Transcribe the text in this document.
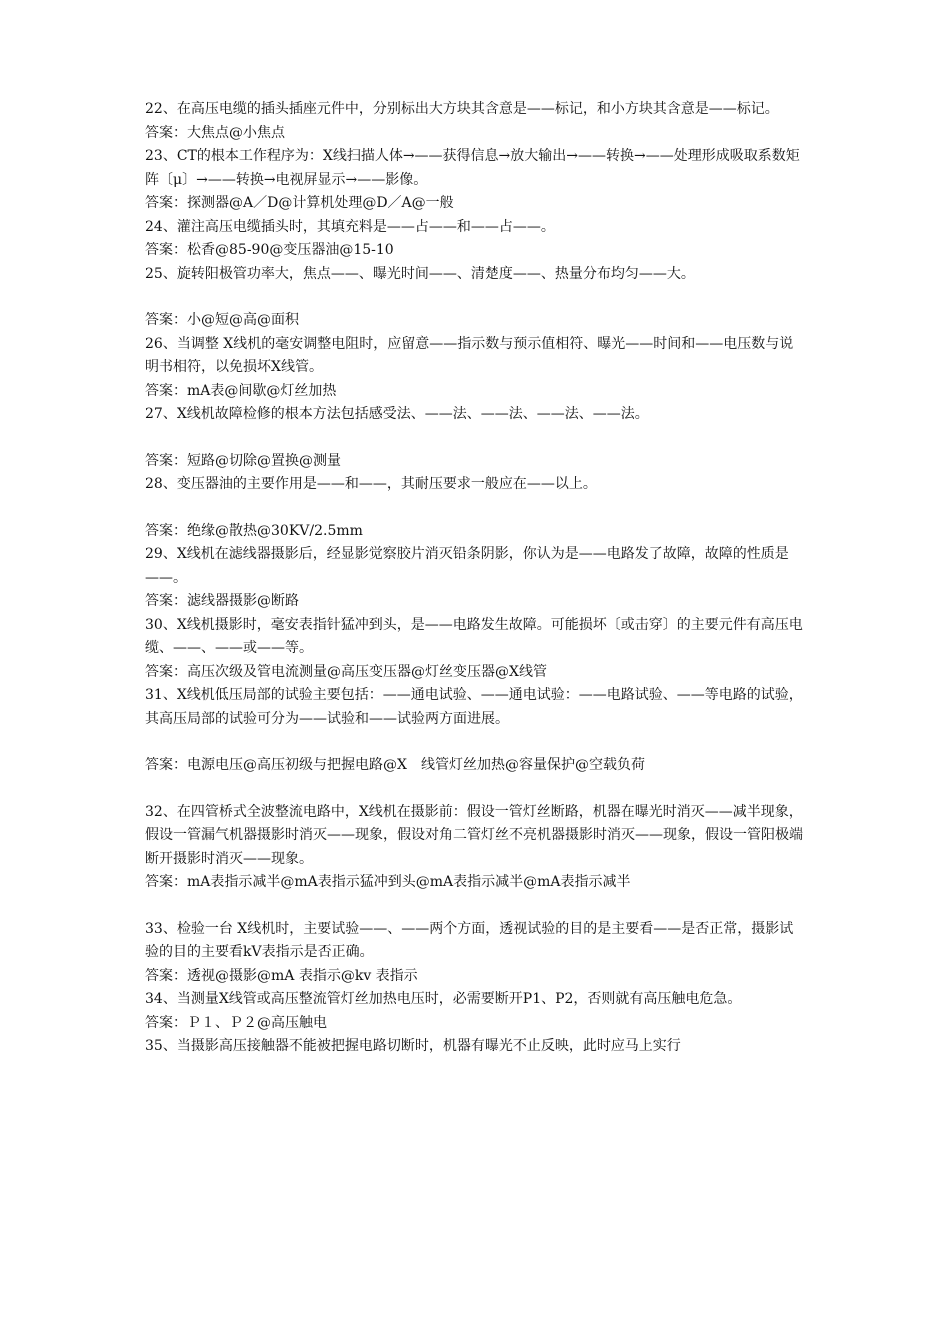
22、在高压电缆的插头插座元件中，分别标出大方块其含意是——标记，和小方块其含意是——标记。

答案：大焦点@小焦点

23、CT的根本工作程序为：X线扫描人体→——获得信息→放大输出→——转换→——处理形成吸取系数矩阵〔μ〕→——转换→电视屏显示→——影像。

答案：探测器@A／D@计算机处理@D／A@一般

24、灌注高压电缆插头时，其填充料是——占——和——占——。

答案：松香@85-90@变压器油@15-10

25、旋转阳极管功率大，焦点——、曝光时间——、清楚度——、热量分布均匀——大。

答案：小@短@高@面积

26、当调整 X线机的毫安调整电阻时，应留意——指示数与预示值相符、曝光——时间和——电压数与说明书相符，以免损坏X线管。

答案：mA表@间歇@灯丝加热

27、X线机故障检修的根本方法包括感受法、——法、——法、——法、——法。

答案：短路@切除@置换@测量

28、变压器油的主要作用是——和——，其耐压要求一般应在——以上。

答案：绝缘@散热@30KV/2.5mm

29、X线机在滤线器摄影后，经显影觉察胶片消灭铅条阴影，你认为是——电路发了故障，故障的性质是——。

答案：滤线器摄影@断路

30、X线机摄影时，毫安表指针猛冲到头，是——电路发生故障。可能损坏〔或击穿〕的主要元件有高压电缆、——、——或——等。

答案：高压次级及管电流测量@高压变压器@灯丝变压器@X线管

31、X线机低压局部的试验主要包括：——通电试验、——通电试验：——电路试验、——等电路的试验，其高压局部的试验可分为——试验和——试验两方面进展。

答案：电源电压@高压初级与把握电路@X　线管灯丝加热@容量保护@空载负荷

32、在四管桥式全波整流电路中，X线机在摄影前：假设一管灯丝断路，机器在曝光时消灭——减半现象，假设一管漏气机器摄影时消灭——现象，假设对角二管灯丝不亮机器摄影时消灭——现象，假设一管阳极端断开摄影时消灭——现象。

答案：mA表指示减半@mA表指示猛冲到头@mA表指示减半@mA表指示减半

33、检验一台 X线机时，主要试验——、——两个方面，透视试验的目的是主要看——是否正常，摄影试验的目的主要看kV表指示是否正确。

答案：透视@摄影@mA 表指示@kv 表指示

34、当测量X线管或高压整流管灯丝加热电压时，必需要断开P1、P2，否则就有高压触电危急。

答案：Ｐ１、Ｐ２@高压触电

35、当摄影高压接触器不能被把握电路切断时，机器有曝光不止反映，此时应马上实行
